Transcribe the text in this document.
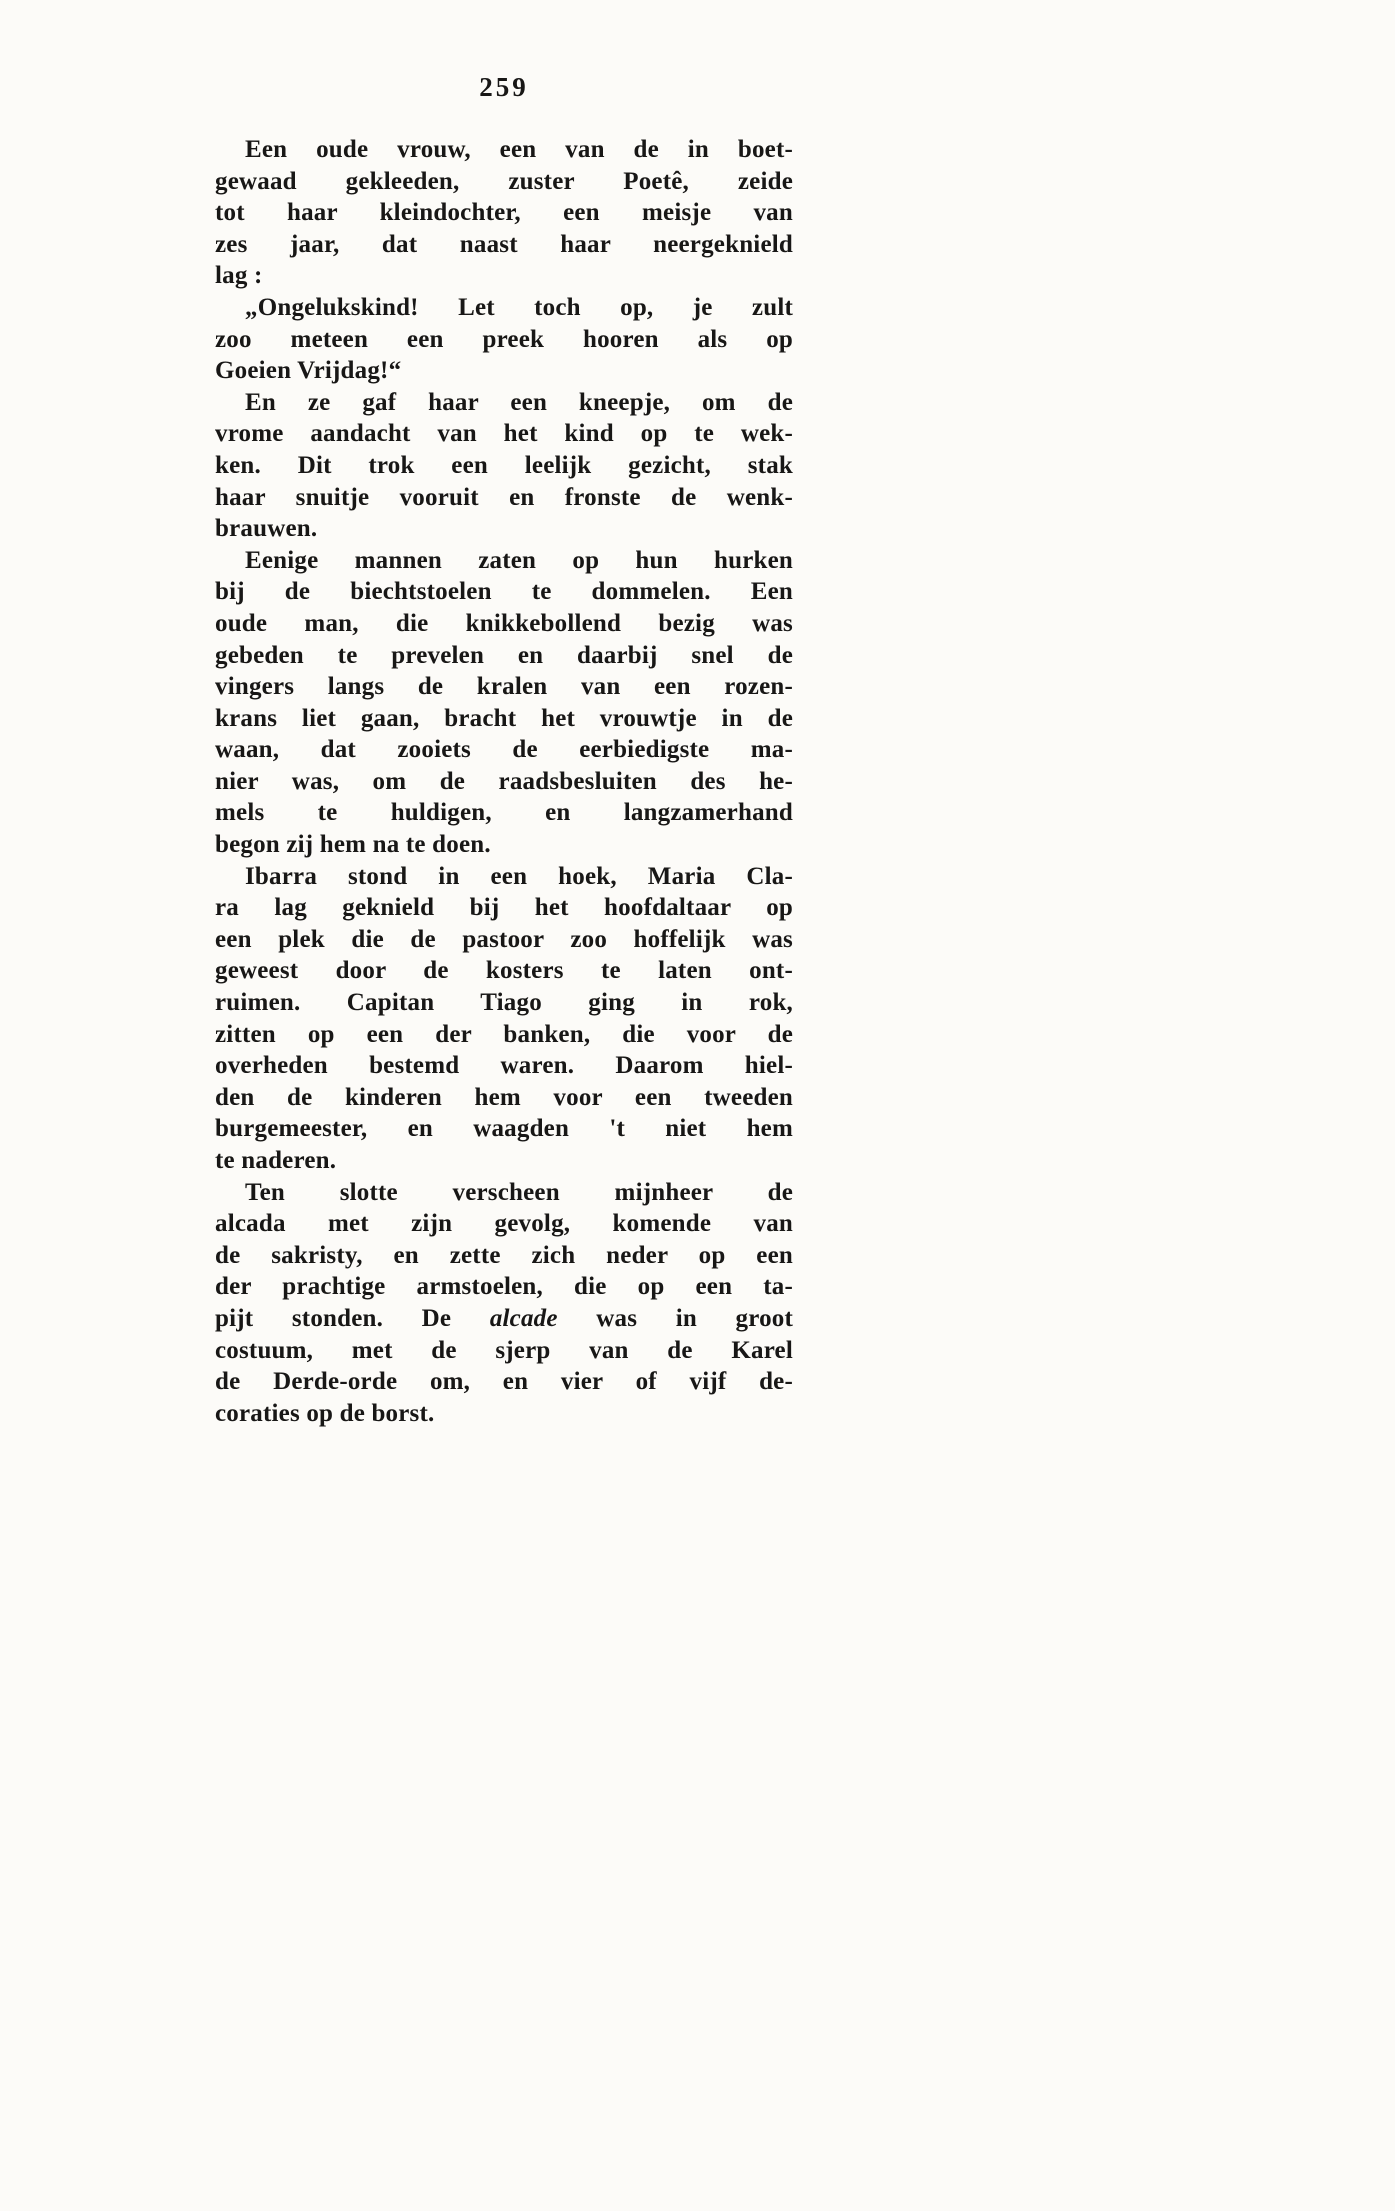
259
Een oude vrouw, een van de in boet-
gewaad gekleeden, zuster Poetê, zeide
tot haar kleindochter, een meisje van
zes jaar, dat naast haar neergeknield
lag :
„Ongelukskind! Let toch op, je zult
zoo meteen een preek hooren als op
Goeien Vrijdag!“
En ze gaf haar een kneepje, om de
vrome aandacht van het kind op te wek-
ken. Dit trok een leelijk gezicht, stak
haar snuitje vooruit en fronste de wenk-
brauwen.
Eenige mannen zaten op hun hurken
bij de biechtstoelen te dommelen. Een
oude man, die knikkebollend bezig was
gebeden te prevelen en daarbij snel de
vingers langs de kralen van een rozen-
krans liet gaan, bracht het vrouwtje in de
waan, dat zooiets de eerbiedigste ma-
nier was, om de raadsbesluiten des he-
mels te huldigen, en langzamerhand
begon zij hem na te doen.
Ibarra stond in een hoek, Maria Cla-
ra lag geknield bij het hoofdaltaar op
een plek die de pastoor zoo hoffelijk was
geweest door de kosters te laten ont-
ruimen. Capitan Tiago ging in rok,
zitten op een der banken, die voor de
overheden bestemd waren. Daarom hiel-
den de kinderen hem voor een tweeden
burgemeester, en waagden 't niet hem
te naderen.
Ten slotte verscheen mijnheer de
alcada met zijn gevolg, komende van
de sakristy, en zette zich neder op een
der prachtige armstoelen, die op een ta-
pijt stonden. De alcade was in groot
costuum, met de sjerp van de Karel
de Derde-orde om, en vier of vijf de-
coraties op de borst.
